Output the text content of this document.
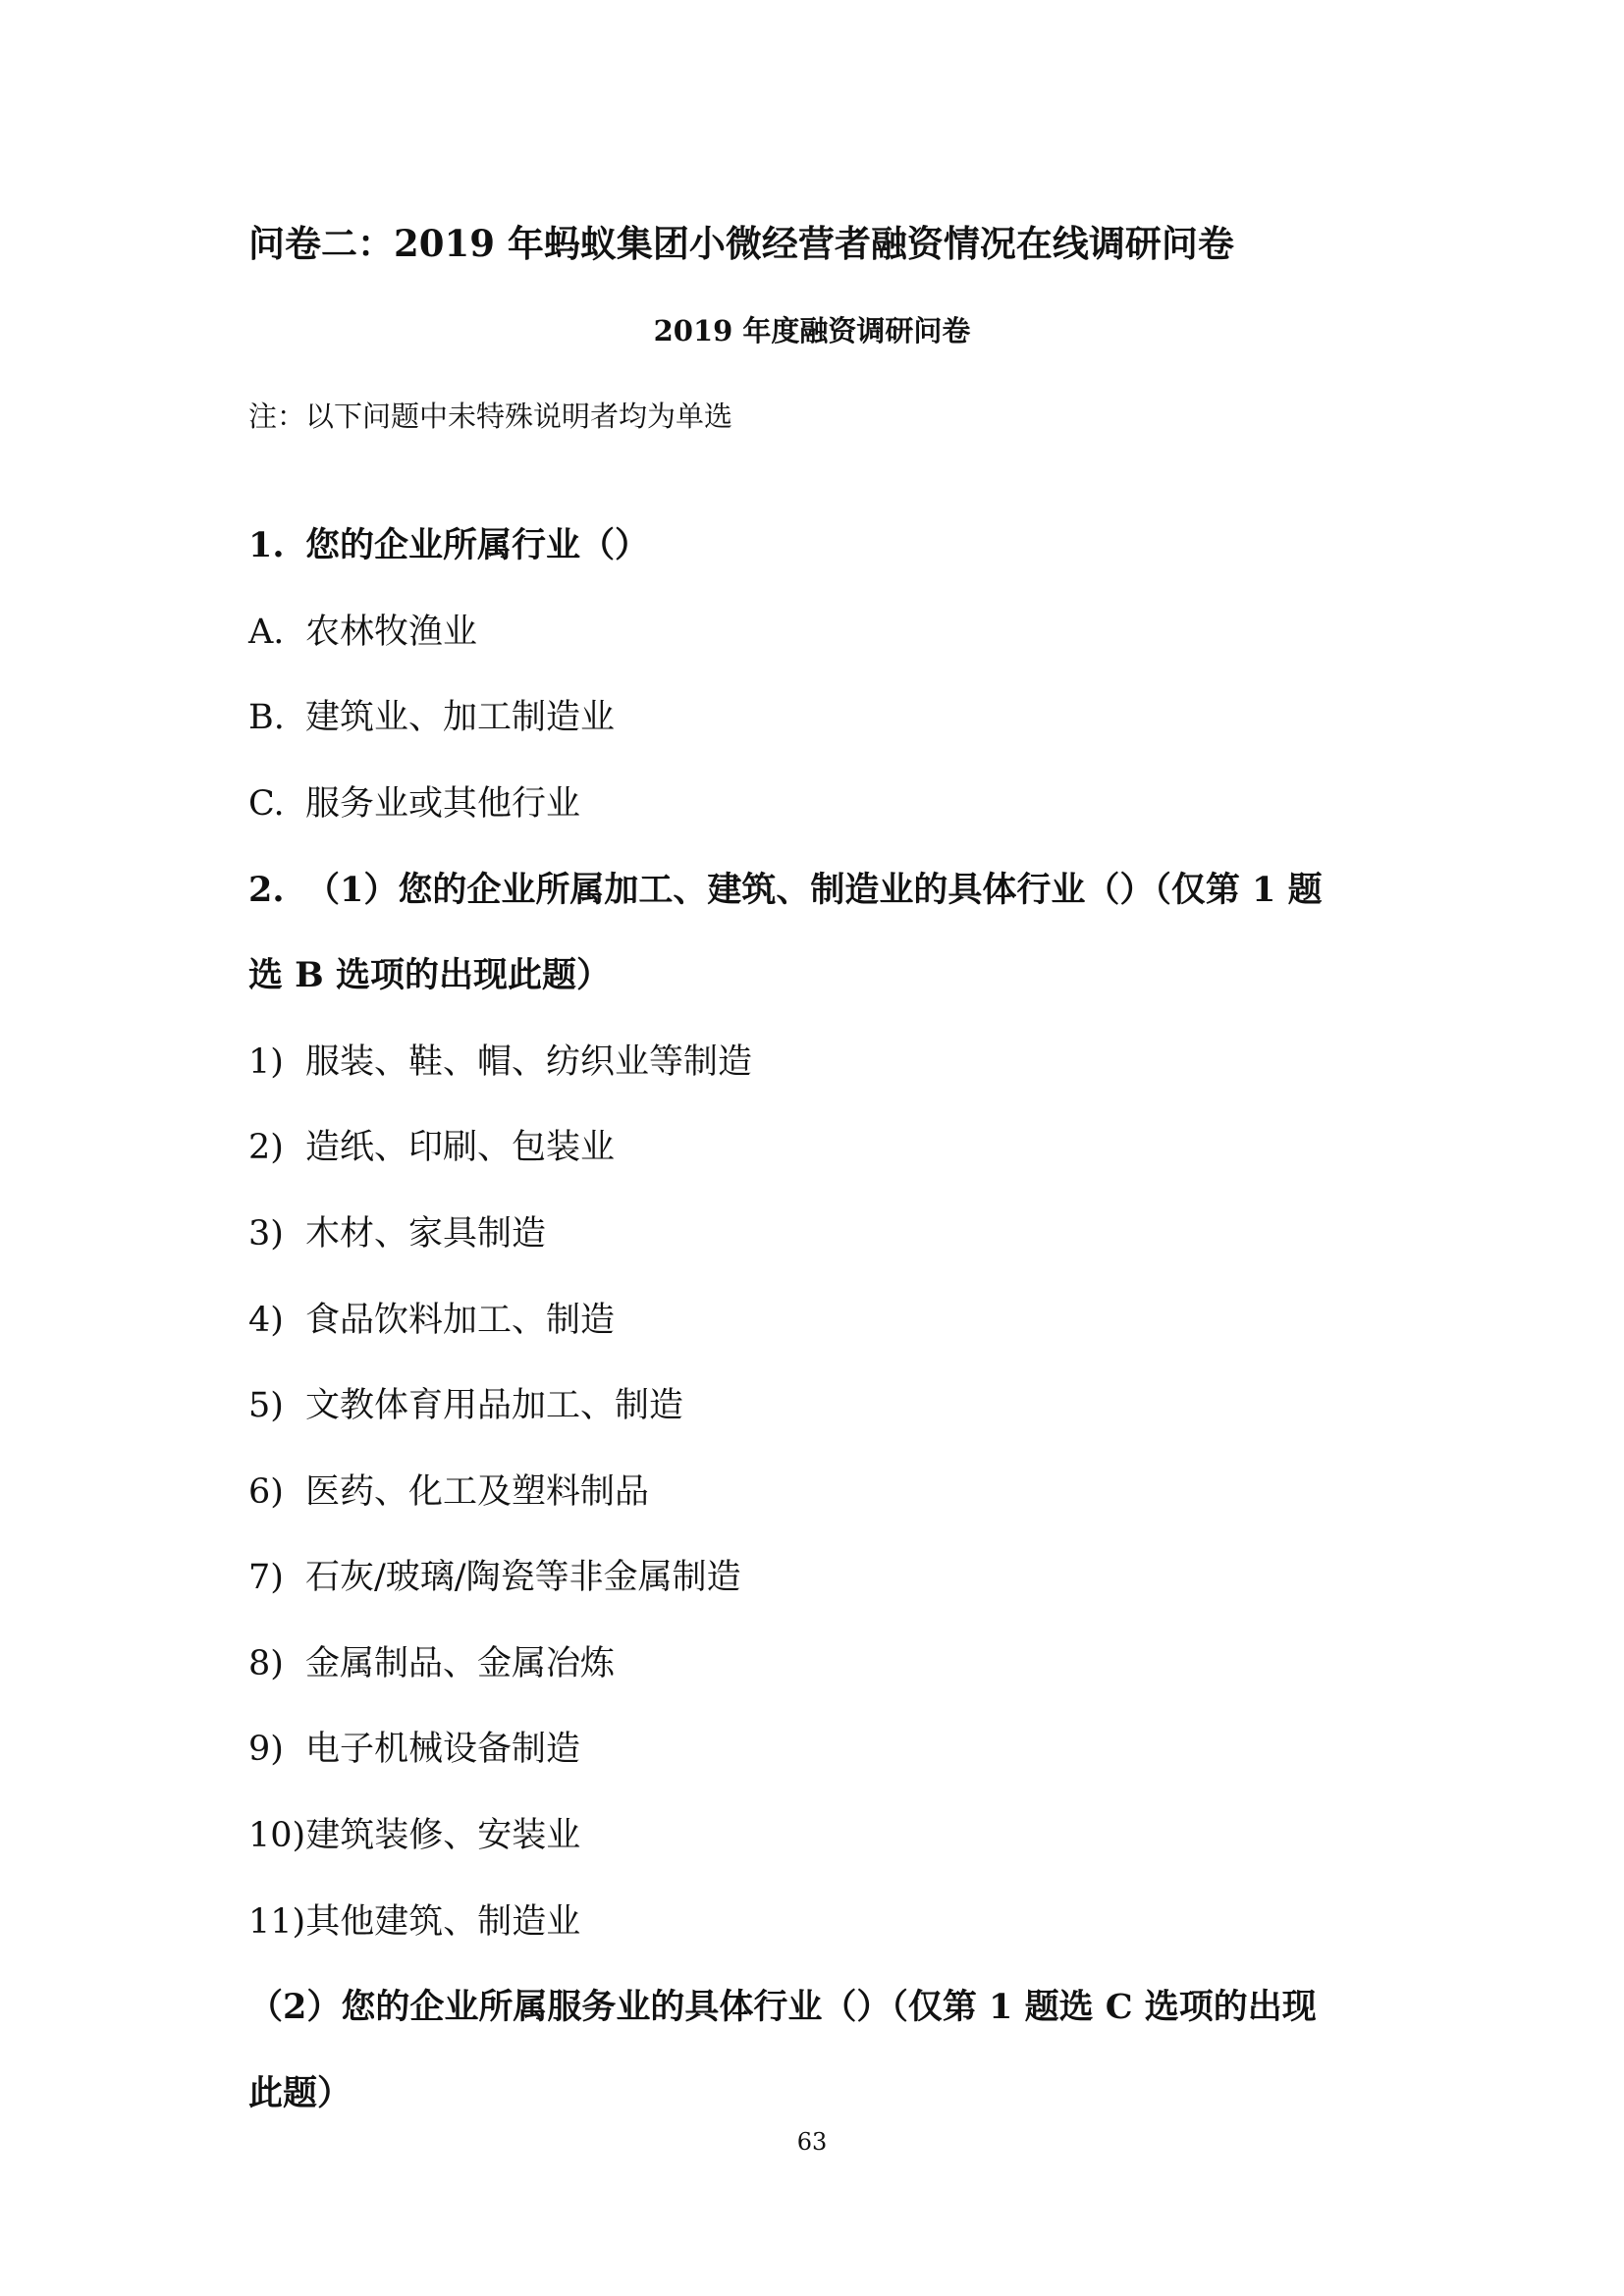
问卷二：2019 年蚂蚁集团小微经营者融资情况在线调研问卷
2019 年度融资调研问卷
注：以下问题中未特殊说明者均为单选
1. 您的企业所属行业（）
A. 农林牧渔业
B. 建筑业、加工制造业
C. 服务业或其他行业
2. （1）您的企业所属加工、建筑、制造业的具体行业（）（仅第 1 题
选 B 选项的出现此题）
1) 服装、鞋、帽、纺织业等制造
2) 造纸、印刷、包装业
3) 木材、家具制造
4) 食品饮料加工、制造
5) 文教体育用品加工、制造
6) 医药、化工及塑料制品
7) 石灰/玻璃/陶瓷等非金属制造
8) 金属制品、金属冶炼
9) 电子机械设备制造
10)建筑装修、安装业
11)其他建筑、制造业
（2）您的企业所属服务业的具体行业（）（仅第 1 题选 C 选项的出现
此题）
63
